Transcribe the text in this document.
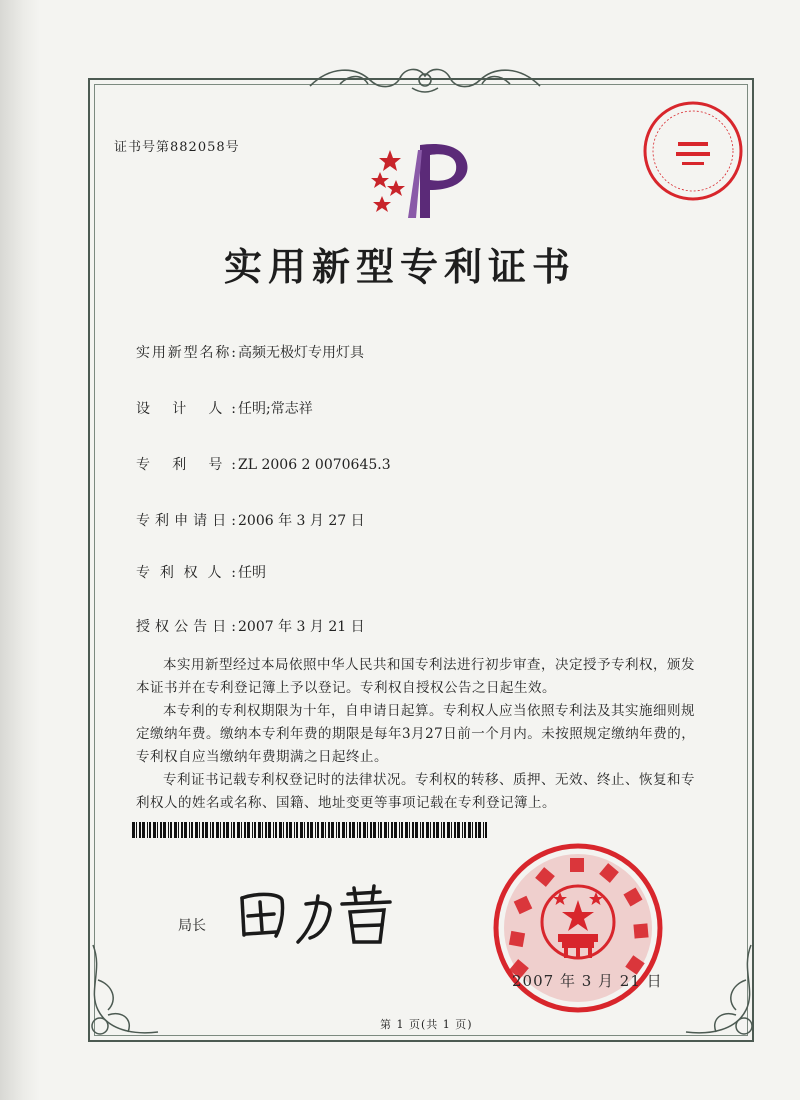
证书号第882058号
实用新型专利证书
实用新型名称: 高频无极灯专用灯具
设 计 人: 任明;常志祥
专 利 号: ZL 2006 2 0070645.3
专利申请日: 2006 年 3 月 27 日
专利权人: 任明
授权公告日: 2007 年 3 月 21 日

本实用新型经过本局依照中华人民共和国专利法进行初步审查，决定授予专利权，颁发本证书并在专利登记簿上予以登记。专利权自授权公告之日起生效。

本专利的专利权期限为十年，自申请日起算。专利权人应当依照专利法及其实施细则规定缴纳年费。缴纳本专利年费的期限是每年3月27日前一个月内。未按照规定缴纳年费的，专利权自应当缴纳年费期满之日起终止。

专利证书记载专利权登记时的法律状况。专利权的转移、质押、无效、终止、恢复和专利权人的姓名或名称、国籍、地址变更等事项记载在专利登记簿上。

局长
2007 年 3 月 21 日
第 1 页(共 1 页)
